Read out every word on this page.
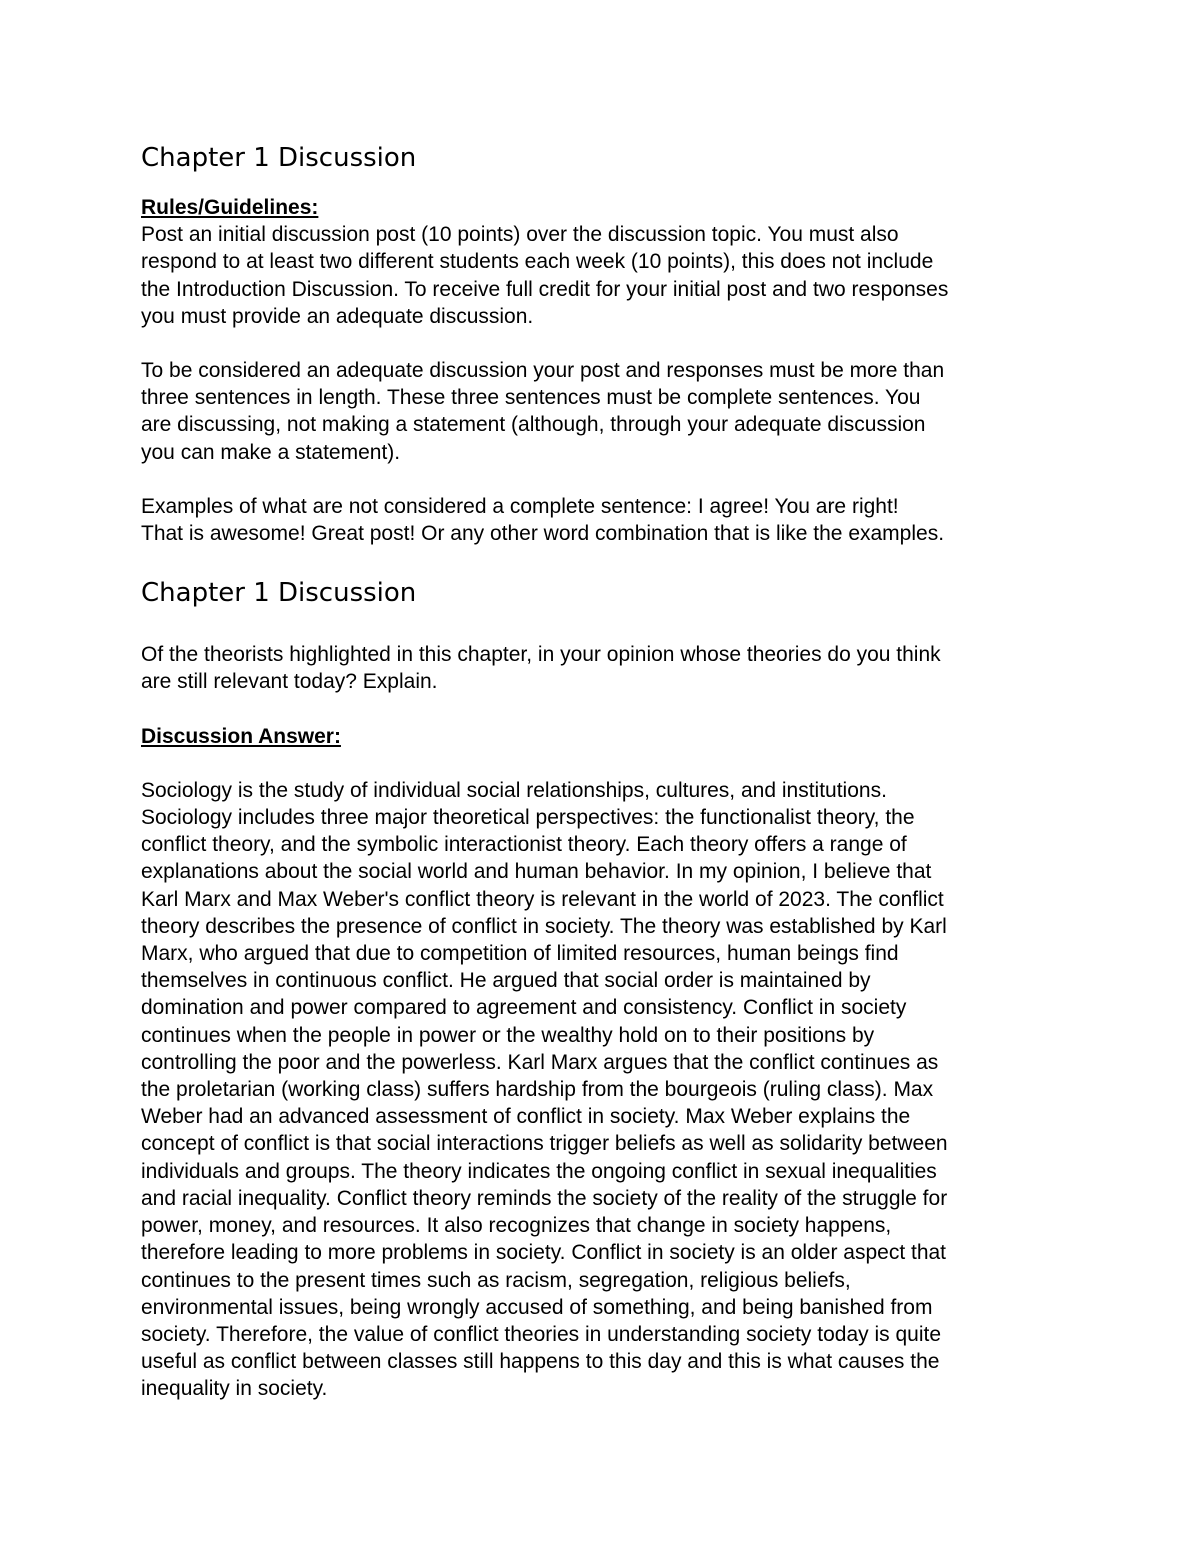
Chapter 1 Discussion
Rules/Guidelines:

Post an initial discussion post (10 points) over the discussion topic. You must also
respond to at least two different students each week (10 points), this does not include
the Introduction Discussion. To receive full credit for your initial post and two responses
you must provide an adequate discussion.

To be considered an adequate discussion your post and responses must be more than
three sentences in length. These three sentences must be complete sentences. You
are discussing, not making a statement (although, through your adequate discussion
you can make a statement).

Examples of what are not considered a complete sentence: I agree! You are right!
That is awesome! Great post! Or any other word combination that is like the examples.

Chapter 1 Discussion

Of the theorists highlighted in this chapter, in your opinion whose theories do you think
are still relevant today? Explain.

Discussion Answer:

Sociology is the study of individual social relationships, cultures, and institutions.
Sociology includes three major theoretical perspectives: the functionalist theory, the
conflict theory, and the symbolic interactionist theory. Each theory offers a range of
explanations about the social world and human behavior. In my opinion, I believe that
Karl Marx and Max Weber's conflict theory is relevant in the world of 2023. The conflict
theory describes the presence of conflict in society. The theory was established by Karl
Marx, who argued that due to competition of limited resources, human beings find
themselves in continuous conflict. He argued that social order is maintained by
domination and power compared to agreement and consistency. Conflict in society
continues when the people in power or the wealthy hold on to their positions by
controlling the poor and the powerless. Karl Marx argues that the conflict continues as
the proletarian (working class) suffers hardship from the bourgeois (ruling class). Max
Weber had an advanced assessment of conflict in society. Max Weber explains the
concept of conflict is that social interactions trigger beliefs as well as solidarity between
individuals and groups. The theory indicates the ongoing conflict in sexual inequalities
and racial inequality. Conflict theory reminds the society of the reality of the struggle for
power, money, and resources. It also recognizes that change in society happens,
therefore leading to more problems in society. Conflict in society is an older aspect that
continues to the present times such as racism, segregation, religious beliefs,
environmental issues, being wrongly accused of something, and being banished from
society. Therefore, the value of conflict theories in understanding society today is quite
useful as conflict between classes still happens to this day and this is what causes the
inequality in society.
